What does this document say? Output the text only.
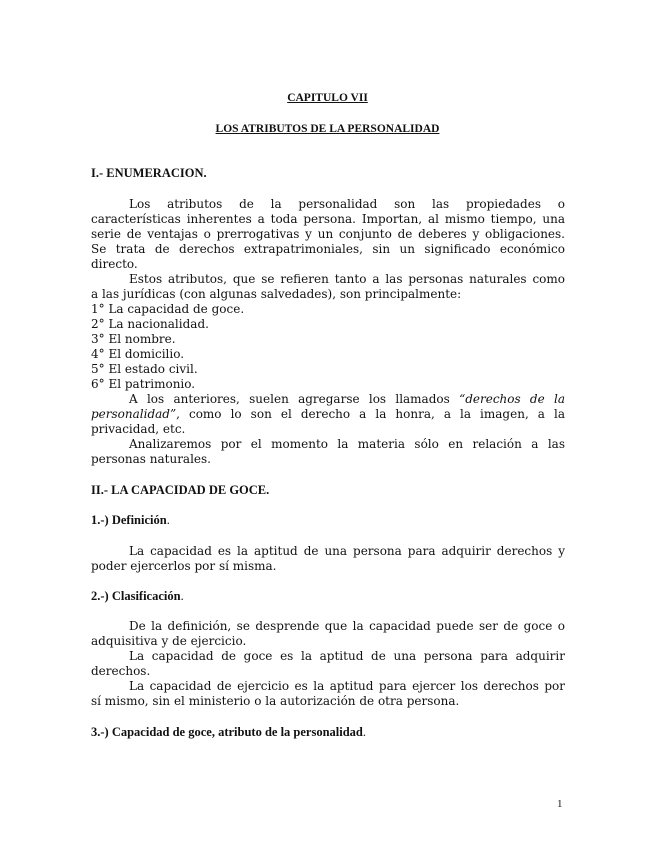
CAPITULO VII
LOS ATRIBUTOS DE LA PERSONALIDAD
I.- ENUMERACION.
Los atributos de la personalidad son las propiedades o
características inherentes a toda persona. Importan, al mismo tiempo, una
serie de ventajas o prerrogativas y un conjunto de deberes y obligaciones.
Se trata de derechos extrapatrimoniales, sin un significado económico
directo.
Estos atributos, que se refieren tanto a las personas naturales como
a las jurídicas (con algunas salvedades), son principalmente:
1° La capacidad de goce.
2° La nacionalidad.
3° El nombre.
4° El domicilio.
5° El estado civil.
6° El patrimonio.
A los anteriores, suelen agregarse los llamados “derechos de la
personalidad”, como lo son el derecho a la honra, a la imagen, a la
privacidad, etc.
Analizaremos por el momento la materia sólo en relación a las
personas naturales.
II.- LA CAPACIDAD DE GOCE.
1.-) Definición.
La capacidad es la aptitud de una persona para adquirir derechos y
poder ejercerlos por sí misma.
2.-) Clasificación.
De la definición, se desprende que la capacidad puede ser de goce o
adquisitiva y de ejercicio.
La capacidad de goce es la aptitud de una persona para adquirir
derechos.
La capacidad de ejercicio es la aptitud para ejercer los derechos por
sí mismo, sin el ministerio o la autorización de otra persona.
3.-) Capacidad de goce, atributo de la personalidad.
1
